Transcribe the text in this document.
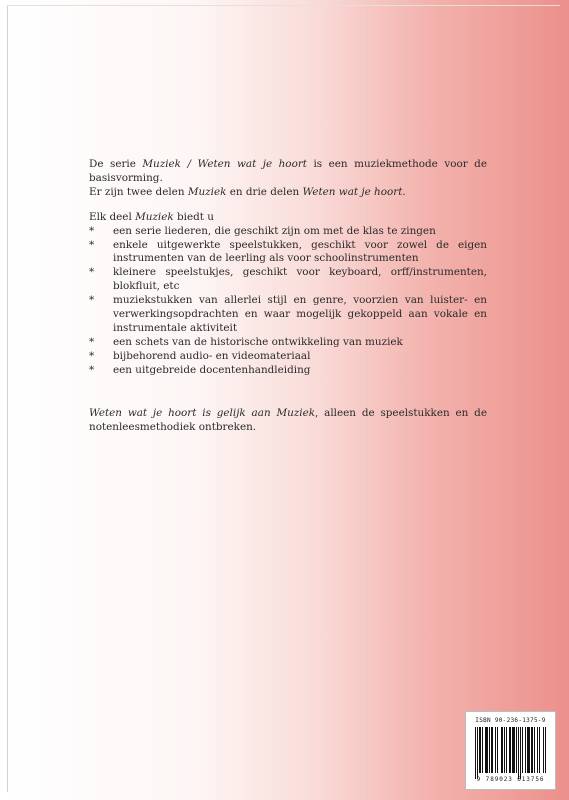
De serie Muziek / Weten wat je hoort is een muziekmethode voor de basisvorming.
Er zijn twee delen Muziek en drie delen Weten wat je hoort.

Elk deel Muziek biedt u

* een serie liederen, die geschikt zijn om met de klas te zingen
* enkele uitgewerkte speelstukken, geschikt voor zowel de eigen instrumenten van de leerling als voor schoolinstrumenten
* kleinere speelstukjes, geschikt voor keyboard, orff/instrumenten, blokfluit, etc
* muziekstukken van allerlei stijl en genre, voorzien van luister- en verwerkingsopdrachten en waar mogelijk gekoppeld aan vokale en instrumentale aktiviteit
* een schets van de historische ontwikkeling van muziek
* bijbehorend audio- en videomateriaal
* een uitgebreide docentenhandleiding

Weten wat je hoort is gelijk aan Muziek, alleen de speelstukken en de notenleesmethodiek ontbreken.

ISBN 90-236-1375-9
9 789023 613756
